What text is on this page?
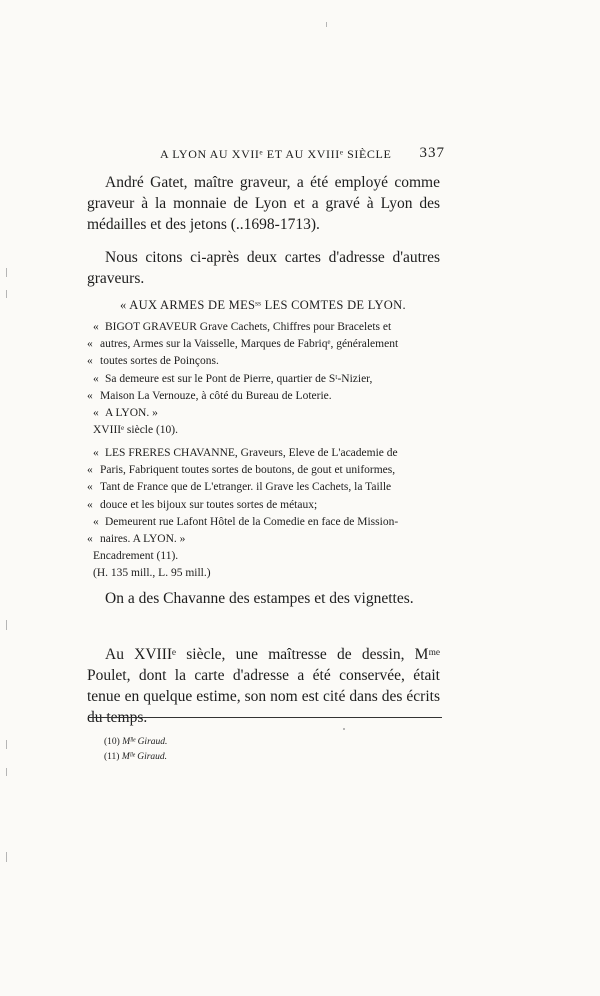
A LYON AU XVIIᵉ ET AU XVIIIᵉ SIÈCLE 337
André Gatet, maître graveur, a été employé comme graveur à la monnaie de Lyon et a gravé à Lyon des médailles et des jetons (..1698-1713).
Nous citons ci-après deux cartes d'adresse d'autres graveurs.
« AUX ARMES DE MESˢˢ LES COMTES DE LYON.
« BIGOT GRAVEUR Grave Cachets, Chiffres pour Bracelets et
« autres, Armes sur la Vaisselle, Marques de Fabriqᵉ, généralement
« toutes sortes de Poinçons.
« Sa demeure est sur le Pont de Pierre, quartier de Sᵗ-Nizier,
« Maison La Vernouze, à côté du Bureau de Loterie.
« A LYON. »
XVIIIᵉ siècle (10).
« LES FRERES CHAVANNE, Graveurs, Eleve de L'academie de
« Paris, Fabriquent toutes sortes de boutons, de gout et uniformes,
« Tant de France que de L'etranger. il Grave les Cachets, la Taille
« douce et les bijoux sur toutes sortes de métaux;
« Demeurent rue Lafont Hôtel de la Comedie en face de Mission-
« naires. A LYON. »
Encadrement (11).
(H. 135 mill., L. 95 mill.)
On a des Chavanne des estampes et des vignettes.
Au XVIIIᵉ siècle, une maîtresse de dessin, Mᵐᵉ Poulet, dont la carte d'adresse a été conservée, était tenue en quelque estime, son nom est cité dans des écrits du temps.
(10) Mˡˡᵉ Giraud.
(11) Mˡˡᵉ Giraud.
